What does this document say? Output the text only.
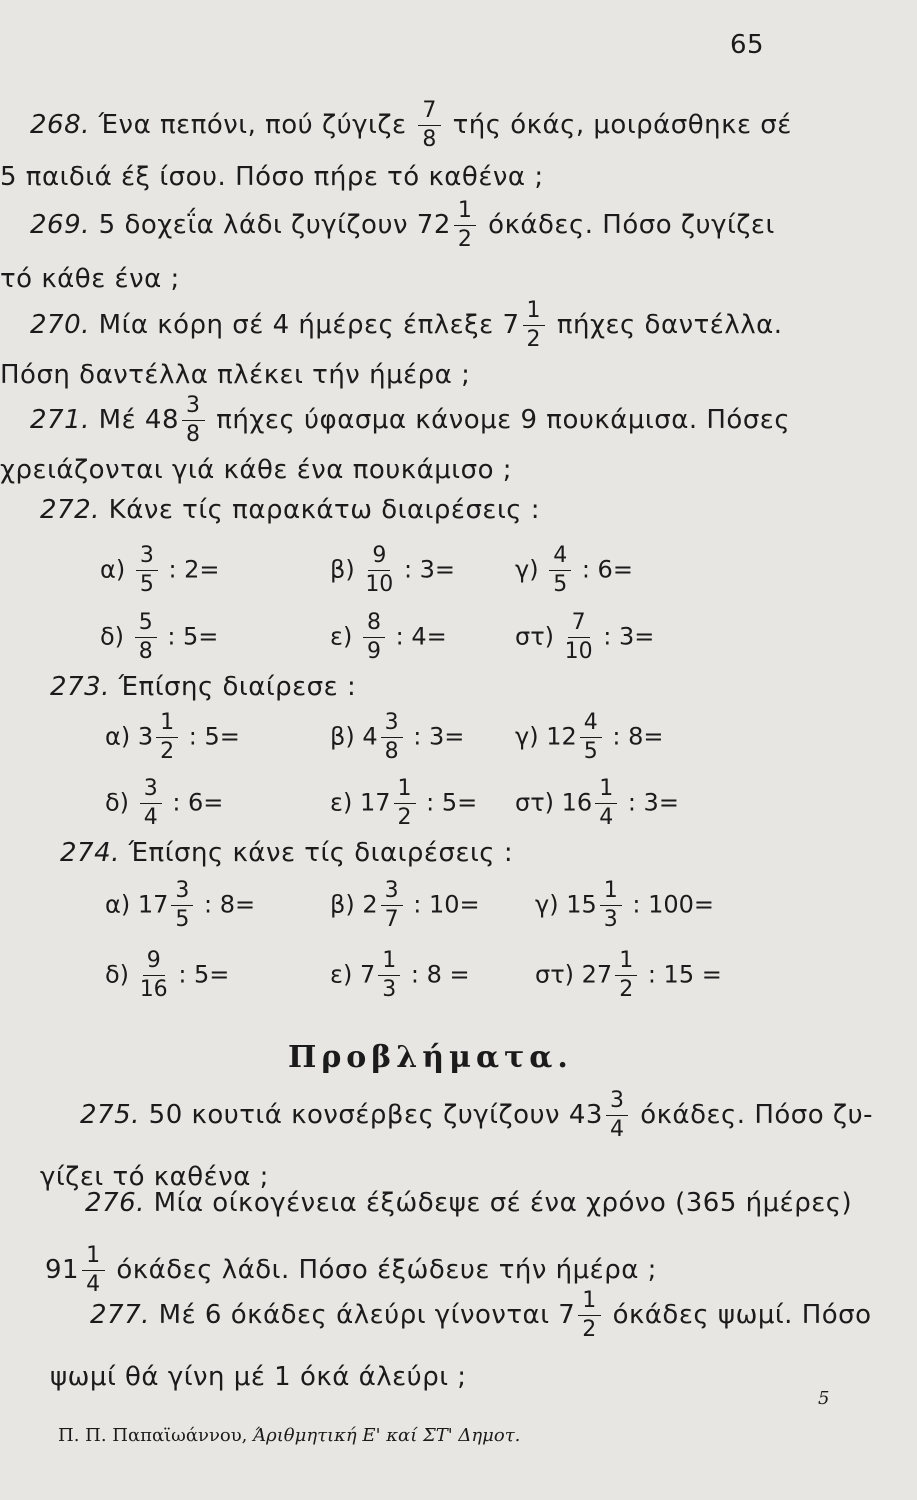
65
268. Ένα πεπόνι, πού ζύγιζε $\frac{7}{8}$ τής όκάς, μοιράσθηκε σέ
5 παιδιά έξ ίσου. Πόσο πήρε τό καθένα ;
269. 5 δοχεΐα λάδι ζυγίζουν $72 \frac{1}{2} ό\kappa ά\delta\varepsilon\varsigma$. Πόσο ζυγίζει
τό κάθε ένα ;
270. Μία κόρη σέ 4 ήμέρες έπλεξε $7 \frac{1}{2}$ πήχες δαντέλλα.
Πόση δαντέλλα πλέκει τήν ήμέρα ;
271. Μέ $48 \frac{3}{8}$ πήχες ύφασμα κάνομε 9 πουκάμισα. Πόσες
χρειάζονται γιά κάθε ένα πουκάμισο ;
272. Κάνε τίς παρακάτω διαιρέσεις :
$\alpha) \frac{3}{5}$ : 2=	$\beta) \frac{9}{10}$ : $3= \gamma) \frac{4}{5}$ : 6=
$\delta) \frac{5}{8}$ : 5=	$\varepsilon) \frac{8}{9}$ : 4=	$\sigma\tau) \frac{7}{10}$ : 3=
273. Έπίσης διαίρεσε :
α) $3 \frac{1}{2}$ : 5=	β) $4 \frac{3}{8}$ : 3= γ) $12 \frac{4}{5}$ : 8=
$\delta) \frac{3}{4}$ : 6=	ε) $17 \frac{1}{2}$ : 5= στ) $16 \frac{1}{4}$ : 3=
274. Έπίσης κάνε τίς διαιρέσεις :
α) $17 \frac{3}{5}$ : 8=	β) $2 \frac{3}{7}$ : 10= γ) $15 \frac{1}{3}$ : 100=
$\delta) \frac{9}{16}$ : 5=	ε) $7 \frac{1}{3}$ : 8 =	στ) $27 \frac{1}{2}$ : 15 =
Προβλήματα.
275. 50 κουτιά κονσέρβες ζυγίζουν $43 \frac{3}{4} ό\kappa ά\delta\varepsilon\varsigma$. Πόσο ζυ-
γίζει τό καθένα ;
276. Μία οίκογένεια έξώδεψε σέ ένα χρόνο (365 ήμέρες)
$91 \frac{1}{4}$ όκάδες λάδι. Πόσο έξώδευε τήν ήμέρα ;
277. Μέ 6 όκάδες άλεύρι γίνονται $7 \frac{1}{2}$ όκάδες ψωμί. Πόσο
ψωμί θά γίνη μέ 1 όκά άλεύρι ;
Π. Π. Παπαϊωάννου, Άριθμητική Ε' καί ΣΤ' Δημοτ.
5
